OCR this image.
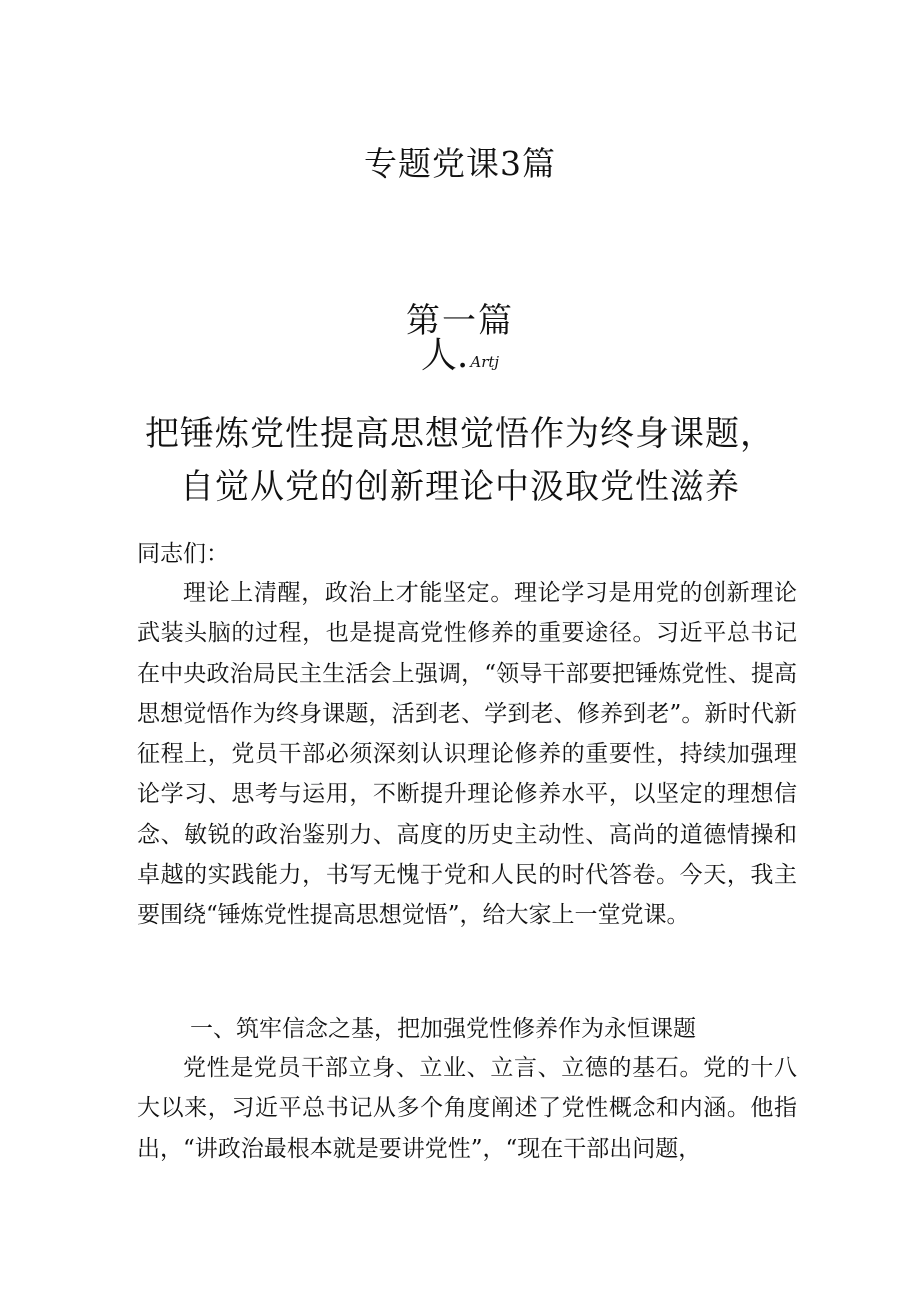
专题党课3篇
第一篇
人. Artj
把锤炼党性提高思想觉悟作为终身课题，
自觉从党的创新理论中汲取党性滋养
同志们：

理论上清醒，政治上才能坚定。理论学习是用党的创新理论武装头脑的过程，也是提高党性修养的重要途径。习近平总书记在中央政治局民主生活会上强调，“领导干部要把锤炼党性、提高思想觉悟作为终身课题，活到老、学到老、修养到老”。新时代新征程上，党员干部必须深刻认识理论修养的重要性，持续加强理论学习、思考与运用，不断提升理论修养水平，以坚定的理想信念、敏锐的政治鉴别力、高度的历史主动性、高尚的道德情操和卓越的实践能力，书写无愧于党和人民的时代答卷。今天，我主要围绕“锤炼党性提高思想觉悟”，给大家上一堂党课。

一、筑牢信念之基，把加强党性修养作为永恒课题

党性是党员干部立身、立业、立言、立德的基石。党的十八大以来，习近平总书记从多个角度阐述了党性概念和内涵。他指出，“讲政治最根本就是要讲党性”，“现在干部出问题，
